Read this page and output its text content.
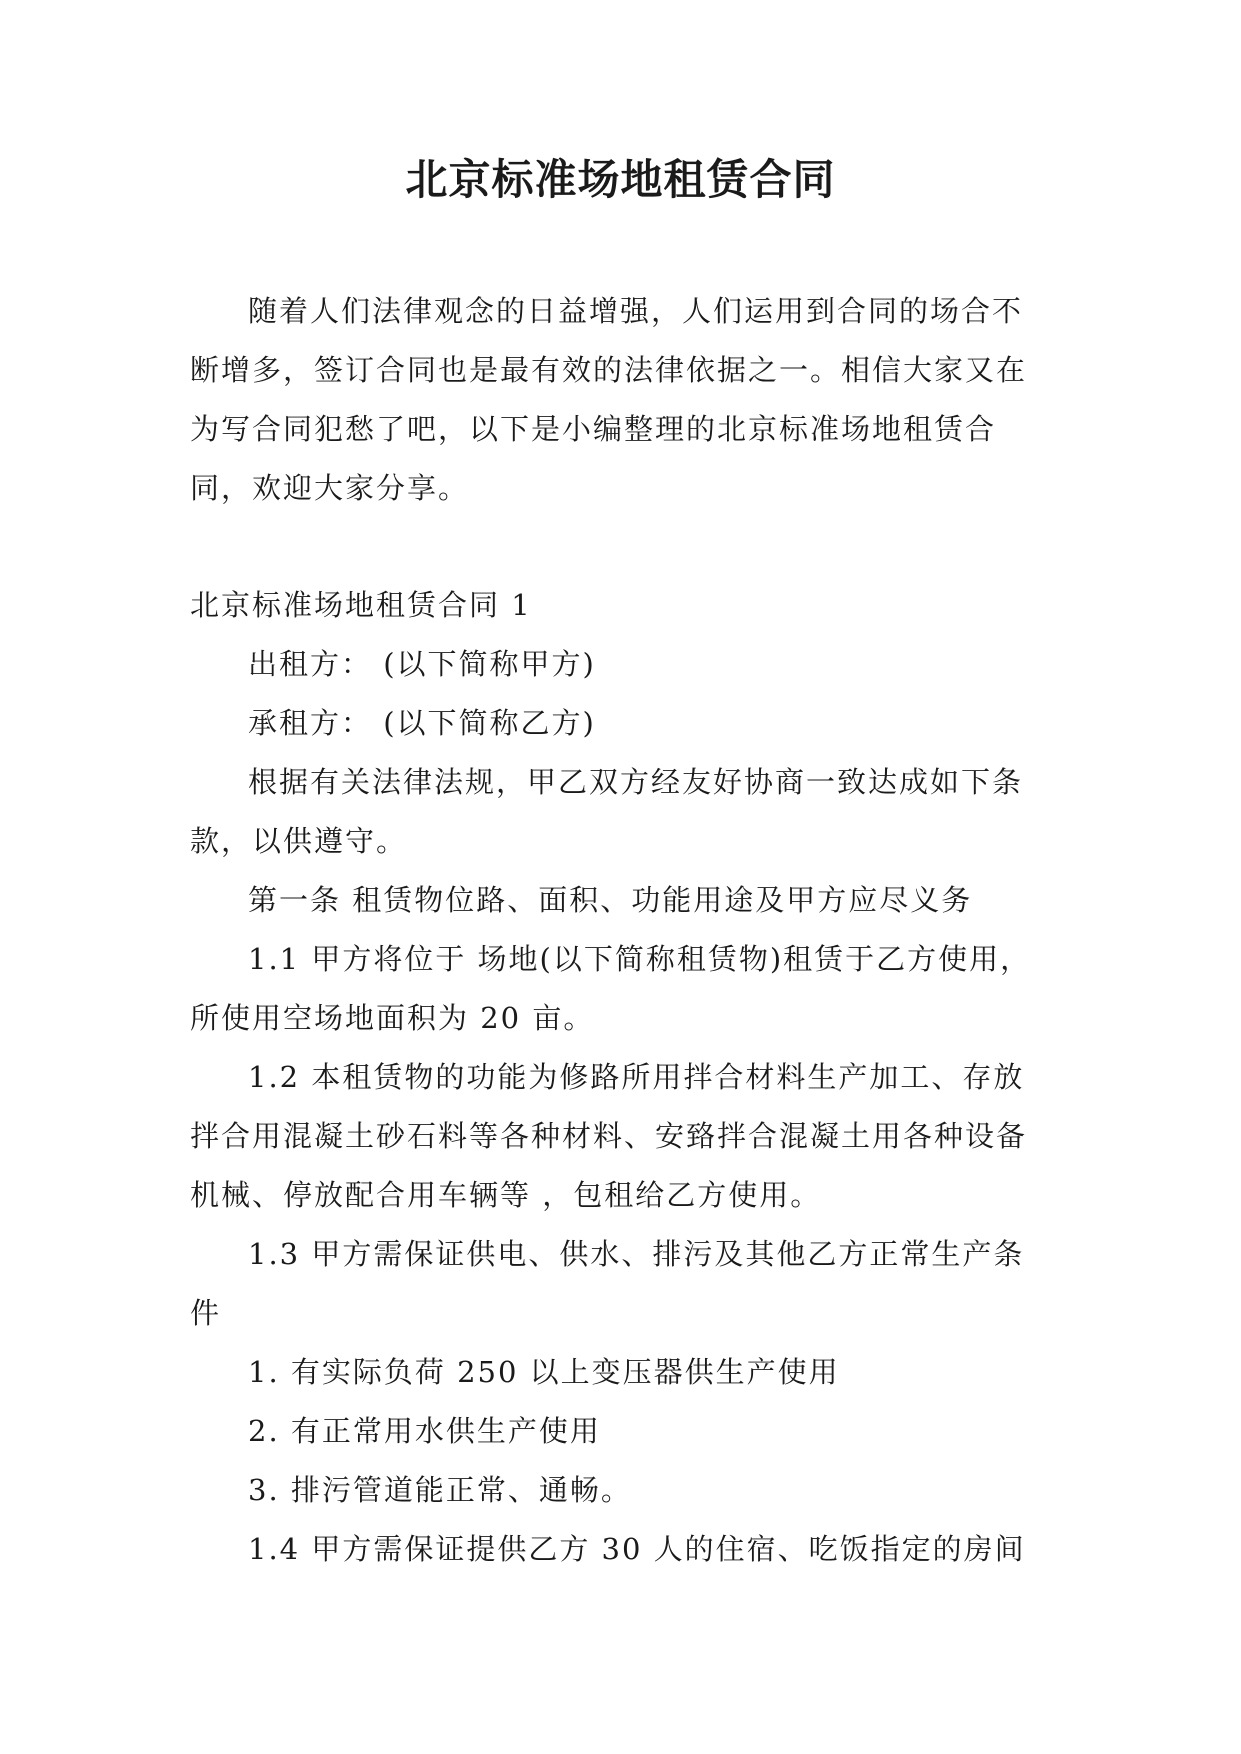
北京标准场地租赁合同

随着人们法律观念的日益增强，人们运用到合同的场合不断增多，签订合同也是最有效的法律依据之一。相信大家又在为写合同犯愁了吧，以下是小编整理的北京标准场地租赁合同，欢迎大家分享。

北京标准场地租赁合同 1

出租方： (以下简称甲方)

承租方： (以下简称乙方)

根据有关法律法规，甲乙双方经友好协商一致达成如下条款，以供遵守。

第一条 租赁物位路、面积、功能用途及甲方应尽义务

1.1 甲方将位于 场地(以下简称租赁物)租赁于乙方使用，所使用空场地面积为 20 亩。

1.2 本租赁物的功能为修路所用拌合材料生产加工、存放拌合用混凝土砂石料等各种材料、安臵拌合混凝土用各种设备机械、停放配合用车辆等 ，包租给乙方使用。

1.3 甲方需保证供电、供水、排污及其他乙方正常生产条件

1. 有实际负荷 250 以上变压器供生产使用

2. 有正常用水供生产使用

3. 排污管道能正常、通畅。

1.4 甲方需保证提供乙方 30 人的住宿、吃饭指定的房间
